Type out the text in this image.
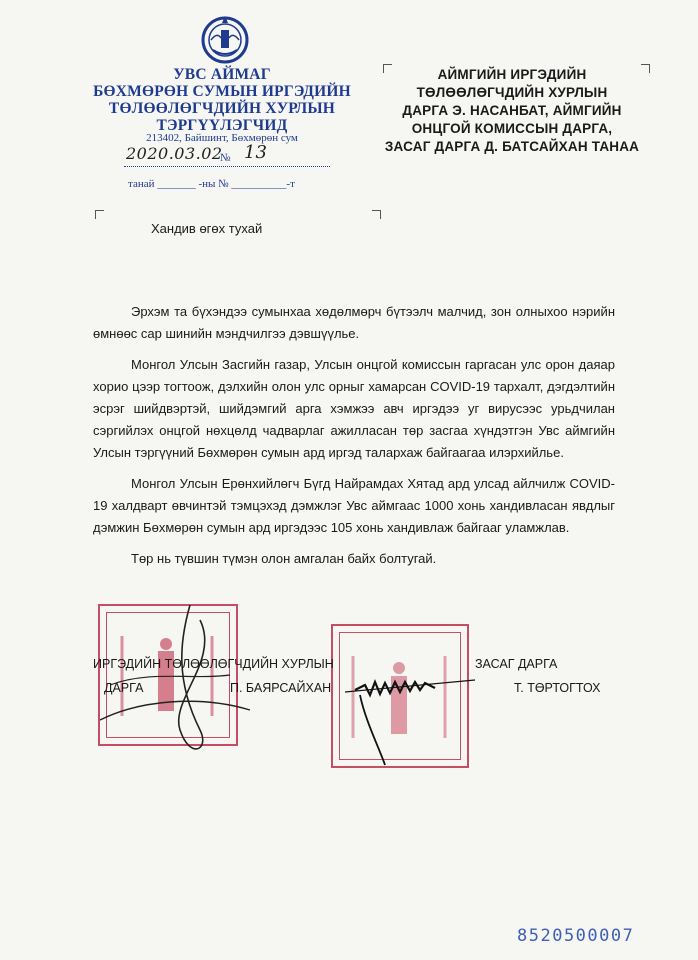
УВС АЙМАГ
БӨХМӨРӨН СУМЫН ИРГЭДИЙН
ТӨЛӨӨЛӨГЧДИЙН ХУРЛЫН
ТЭРГҮҮЛЭГЧИД
213402, Байшинт, Бөхмөрөн сум
2020.03.02
№ 13
танай _______ -ны № __________-т
АЙМГИЙН ИРГЭДИЙН
ТӨЛӨӨЛӨГЧДИЙН ХУРЛЫН
ДАРГА Э. НАСАНБАТ, АЙМГИЙН
ОНЦГОЙ КОМИССЫН ДАРГА,
ЗАСАГ ДАРГА Д. БАТСАЙХАН ТАНАА
Хандив өгөх тухай

Эрхэм та бүхэндээ сумынхаа хөдөлмөрч бүтээлч малчид, зон олныхоо нэрийн өмнөөс сар шинийн мэндчилгээ дэвшүүлье.

Монгол Улсын Засгийн газар, Улсын онцгой комиссын гаргасан улс орон даяар хорио цээр тогтоож, дэлхийн олон улс орныг хамарсан COVID-19 тархалт, дэгдэлтийн эсрэг шийдвэртэй, шийдэмгий арга хэмжээ авч иргэдээ уг вирусээс урьдчилан сэргийлэх онцгой нөхцөлд чадварлаг ажилласан төр засгаа хүндэтгэн Увс аймгийн Улсын тэргүүний Бөхмөрөн сумын ард иргэд талархаж байгаагаа илэрхийлье.

Монгол Улсын Ерөнхийлөгч Бүгд Найрамдах Хятад ард улсад айлчилж COVID-19 халдварт өвчинтэй тэмцэхэд дэмжлэг Увс аймгаас 1000 хонь хандивласан явдлыг дэмжин Бөхмөрөн сумын ард иргэдээс 105 хонь хандивлаж байгааг уламжлав.

Төр нь түвшин түмэн олон амгалан байх болтугай.

ИРГЭДИЙН ТӨЛӨӨЛӨГЧДИЙН ХУРЛЫН
ДАРГА	П. БАЯРСАЙХАН
ЗАСАГ ДАРГА
Т. ТӨРТОГТОХ
8520500007
